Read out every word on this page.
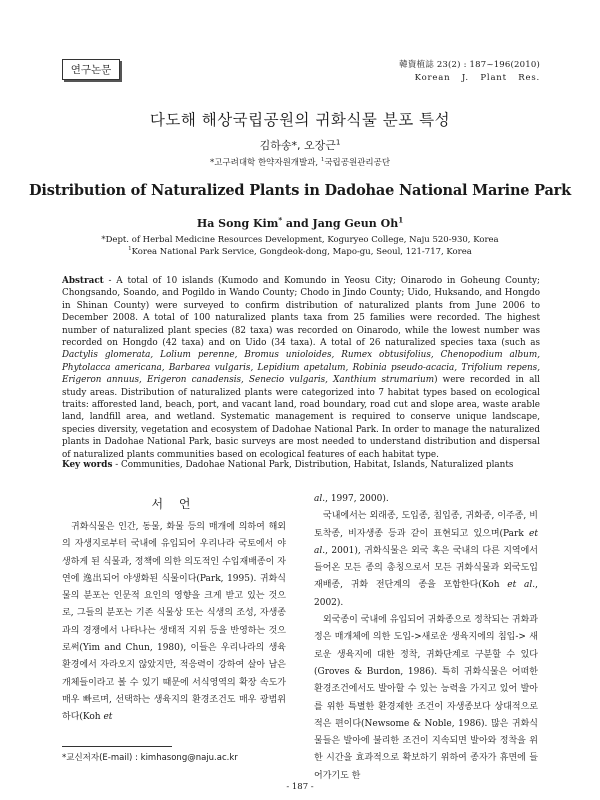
연구논문	韓資植誌 23(2) : 187~196(2010)
Korean J. Plant Res.
다도해 해상국립공원의 귀화식물 분포 특성
김하송*, 오장근$^1$
*고구려대학 한약자원개발과, $^1$국립공원관리공단
Distribution of Naturalized Plants in Dadohae National Marine Park
Ha Song Kim* and Jang Geun Oh$^1$
*Dept. of Herbal Medicine Resources Development, Koguryeo College, Naju 520-930, Korea
$^1$Korea National Park Service, Gongdeok-dong, Mapo-gu, Seoul, 121-717, Korea
Abstract - A total of 10 islands (Kumodo and Komundo in Yeosu City; Oinarodo in Goheung County; Chongsando, Soando, and Pogildo in Wando County; Chodo in Jindo County; Uido, Huksando, and Hongdo in Shinan County) were surveyed to confirm distribution of naturalized plants from June 2006 to December 2008. A total of 100 naturalized plants taxa from 25 families were recorded. The highest number of naturalized plant species (82 taxa) was recorded on Oinarodo, while the lowest number was recorded on Hongdo (42 taxa) and on Uido (34 taxa). A total of 26 naturalized species taxa (such as Dactylis glomerata, Lolium perenne, Bromus unioloides, Rumex obtusifolius, Chenopodium album, Phytolacca americana, Barbarea vulgaris, Lepidium apetalum, Robinia pseudo-acacia, Trifolium repens, Erigeron annuus, Erigeron canadensis, Senecio vulgaris, Xanthium strumarium) were recorded in all study areas. Distribution of naturalized plants were categorized into 7 habitat types based on ecological traits: afforested land, beach, port, and vacant land, road boundary, road cut and slope area, waste arable land, landfill area, and wetland. Systematic management is required to conserve unique landscape, species diversity, vegetation and ecosystem of Dadohae National Park. In order to manage the naturalized plants in Dadohae National Park, basic surveys are most needed to understand distribution and dispersal of naturalized plants communities based on ecological features of each habitat type.
Key words - Communities, Dadohae National Park, Distribution, Habitat, Islands, Naturalized plants
서 언

귀화식물은 인간, 동물, 화물 등의 매개에 의하여 해외의 자생지로부터 국내에 유입되어 우리나라 국토에서 야생하게 된 식물과, 정책에 의한 의도적인 수입재배종이 자연에 逸出되어 야생화된 식물이다(Park, 1995). 귀화식물의 분포는 인문적 요인의 영향을 크게 받고 있는 것으로, 그들의 분포는 기존 식물상 또는 식생의 조성, 자생종과의 경쟁에서 나타나는 생태적 지위 등을 반영하는 것으로써(Yim and Chun, 1980), 이들은 우리나라의 생육환경에서 자라오지 않았지만, 적응력이 강하여 살아 남은 개체들이라고 볼 수 있기 때문에 서식영역의 확장 속도가 매우 빠르며, 선택하는 생육지의 환경조건도 매우 광범위하다(Koh et

al., 1997, 2000).

국내에서는 외래종, 도입종, 침입종, 귀화종, 이주종, 비토착종, 비자생종 등과 같이 표현되고 있으며(Park et al., 2001), 귀화식물은 외국 혹은 국내의 다른 지역에서 들어온 모든 종의 총칭으로서 모든 귀화식물과 외국도입 재배종, 귀화 전단계의 종을 포함한다(Koh et al., 2002).

외국종이 국내에 유입되어 귀화종으로 정착되는 귀화과정은 매개체에 의한 도입->새로운 생육지에의 침입-> 새로운 생육지에 대한 정착, 귀화단계로 구분할 수 있다(Groves & Burdon, 1986). 특히 귀화식물은 어떠한 환경조건에서도 발아할 수 있는 능력을 가지고 있어 발아를 위한 특별한 환경제한 조건이 자생종보다 상대적으로 적은 편이다(Newsome & Noble, 1986). 많은 귀화식물들은 발아에 불리한 조건이 지속되면 발아와 정착을 위한 시간을 효과적으로 확보하기 위하여 종자가 휴면에 들어가기도 한

*교신저자(E-mail) : kimhasong@naju.ac.kr
- 187 -
